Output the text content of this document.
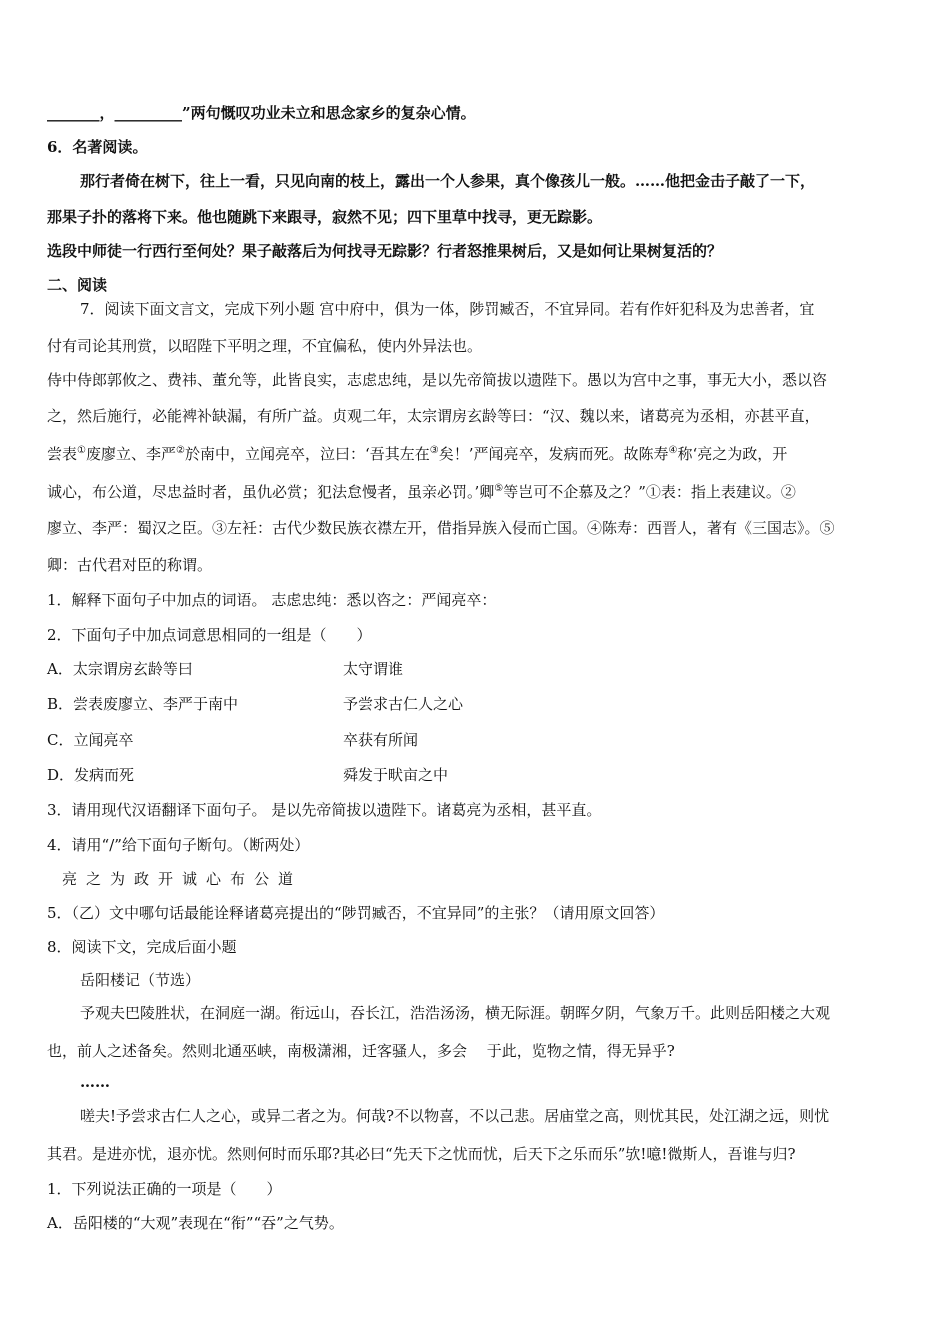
_______，_________”两句慨叹功业未立和思念家乡的复杂心情。
6．名著阅读。
那行者倚在树下，往上一看，只见向南的枝上，露出一个人参果，真个像孩儿一般。……他把金击子敲了一下，
那果子扑的落将下来。他也随跳下来跟寻，寂然不见；四下里草中找寻，更无踪影。
选段中师徒一行西行至何处？果子敲落后为何找寻无踪影？行者怒推果树后，又是如何让果树复活的？
二、阅读
7．阅读下面文言文，完成下列小题 宫中府中，俱为一体，陟罚臧否，不宜异同。若有作奸犯科及为忠善者，宜
付有司论其刑赏，以昭陛下平明之理，不宜偏私，使内外异法也。
侍中侍郎郭攸之、费祎、董允等，此皆良实，志虑忠纯，是以先帝简拔以遗陛下。愚以为宫中之事，事无大小，悉以咨
之，然后施行，必能裨补缺漏，有所广益。贞观二年，太宗谓房玄龄等曰：“汉、魏以来，诸葛亮为丞相，亦甚平直，
尝表①废廖立、李严②於南中，立闻亮卒，泣曰：‘吾其左在③矣！’严闻亮卒，发病而死。故陈寿④称‘亮之为政，开
诚心，布公道，尽忠益时者，虽仇必赏；犯法怠慢者，虽亲必罚。’卿⑤等岂可不企慕及之？”①表：指上表建议。②
廖立、李严：蜀汉之臣。③左衽：古代少数民族衣襟左开，借指异族入侵而亡国。④陈寿：西晋人，著有《三国志》。⑤
卿：古代君对臣的称谓。
1．解释下面句子中加点的词语。 志虑忠纯：悉以咨之：严闻亮卒：
2．下面句子中加点词意思相同的一组是（　　）
A．太宗谓房玄龄等曰	太守谓谁
B．尝表废廖立、李严于南中	予尝求古仁人之心
C．立闻亮卒	卒获有所闻
D．发病而死	舜发于畎亩之中
3．请用现代汉语翻译下面句子。 是以先帝简拔以遗陛下。诸葛亮为丞相，甚平直。
4．请用“/”给下面句子断句。（断两处）
亮之为政开诚心布公道
5．（乙）文中哪句话最能诠释诸葛亮提出的“陟罚臧否，不宜异同”的主张？（请用原文回答）
8．阅读下文，完成后面小题
岳阳楼记（节选）
予观夫巴陵胜状，在洞庭一湖。衔远山，吞长江，浩浩汤汤，横无际涯。朝晖夕阴，气象万千。此则岳阳楼之大观
也，前人之述备矣。然则北通巫峡，南极潇湘，迁客骚人，多会　 于此，览物之情，得无异乎?
……
嗟夫!予尝求古仁人之心，或异二者之为。何哉?不以物喜，不以己悲。居庙堂之高，则忧其民，处江湖之远，则忧
其君。是进亦忧，退亦忧。然则何时而乐耶?其必曰“先天下之忧而忧，后天下之乐而乐”欤!噫!微斯人，吾谁与归?
1．下列说法正确的一项是（　　）
A．岳阳楼的“大观”表现在“衔”“吞”之气势。
